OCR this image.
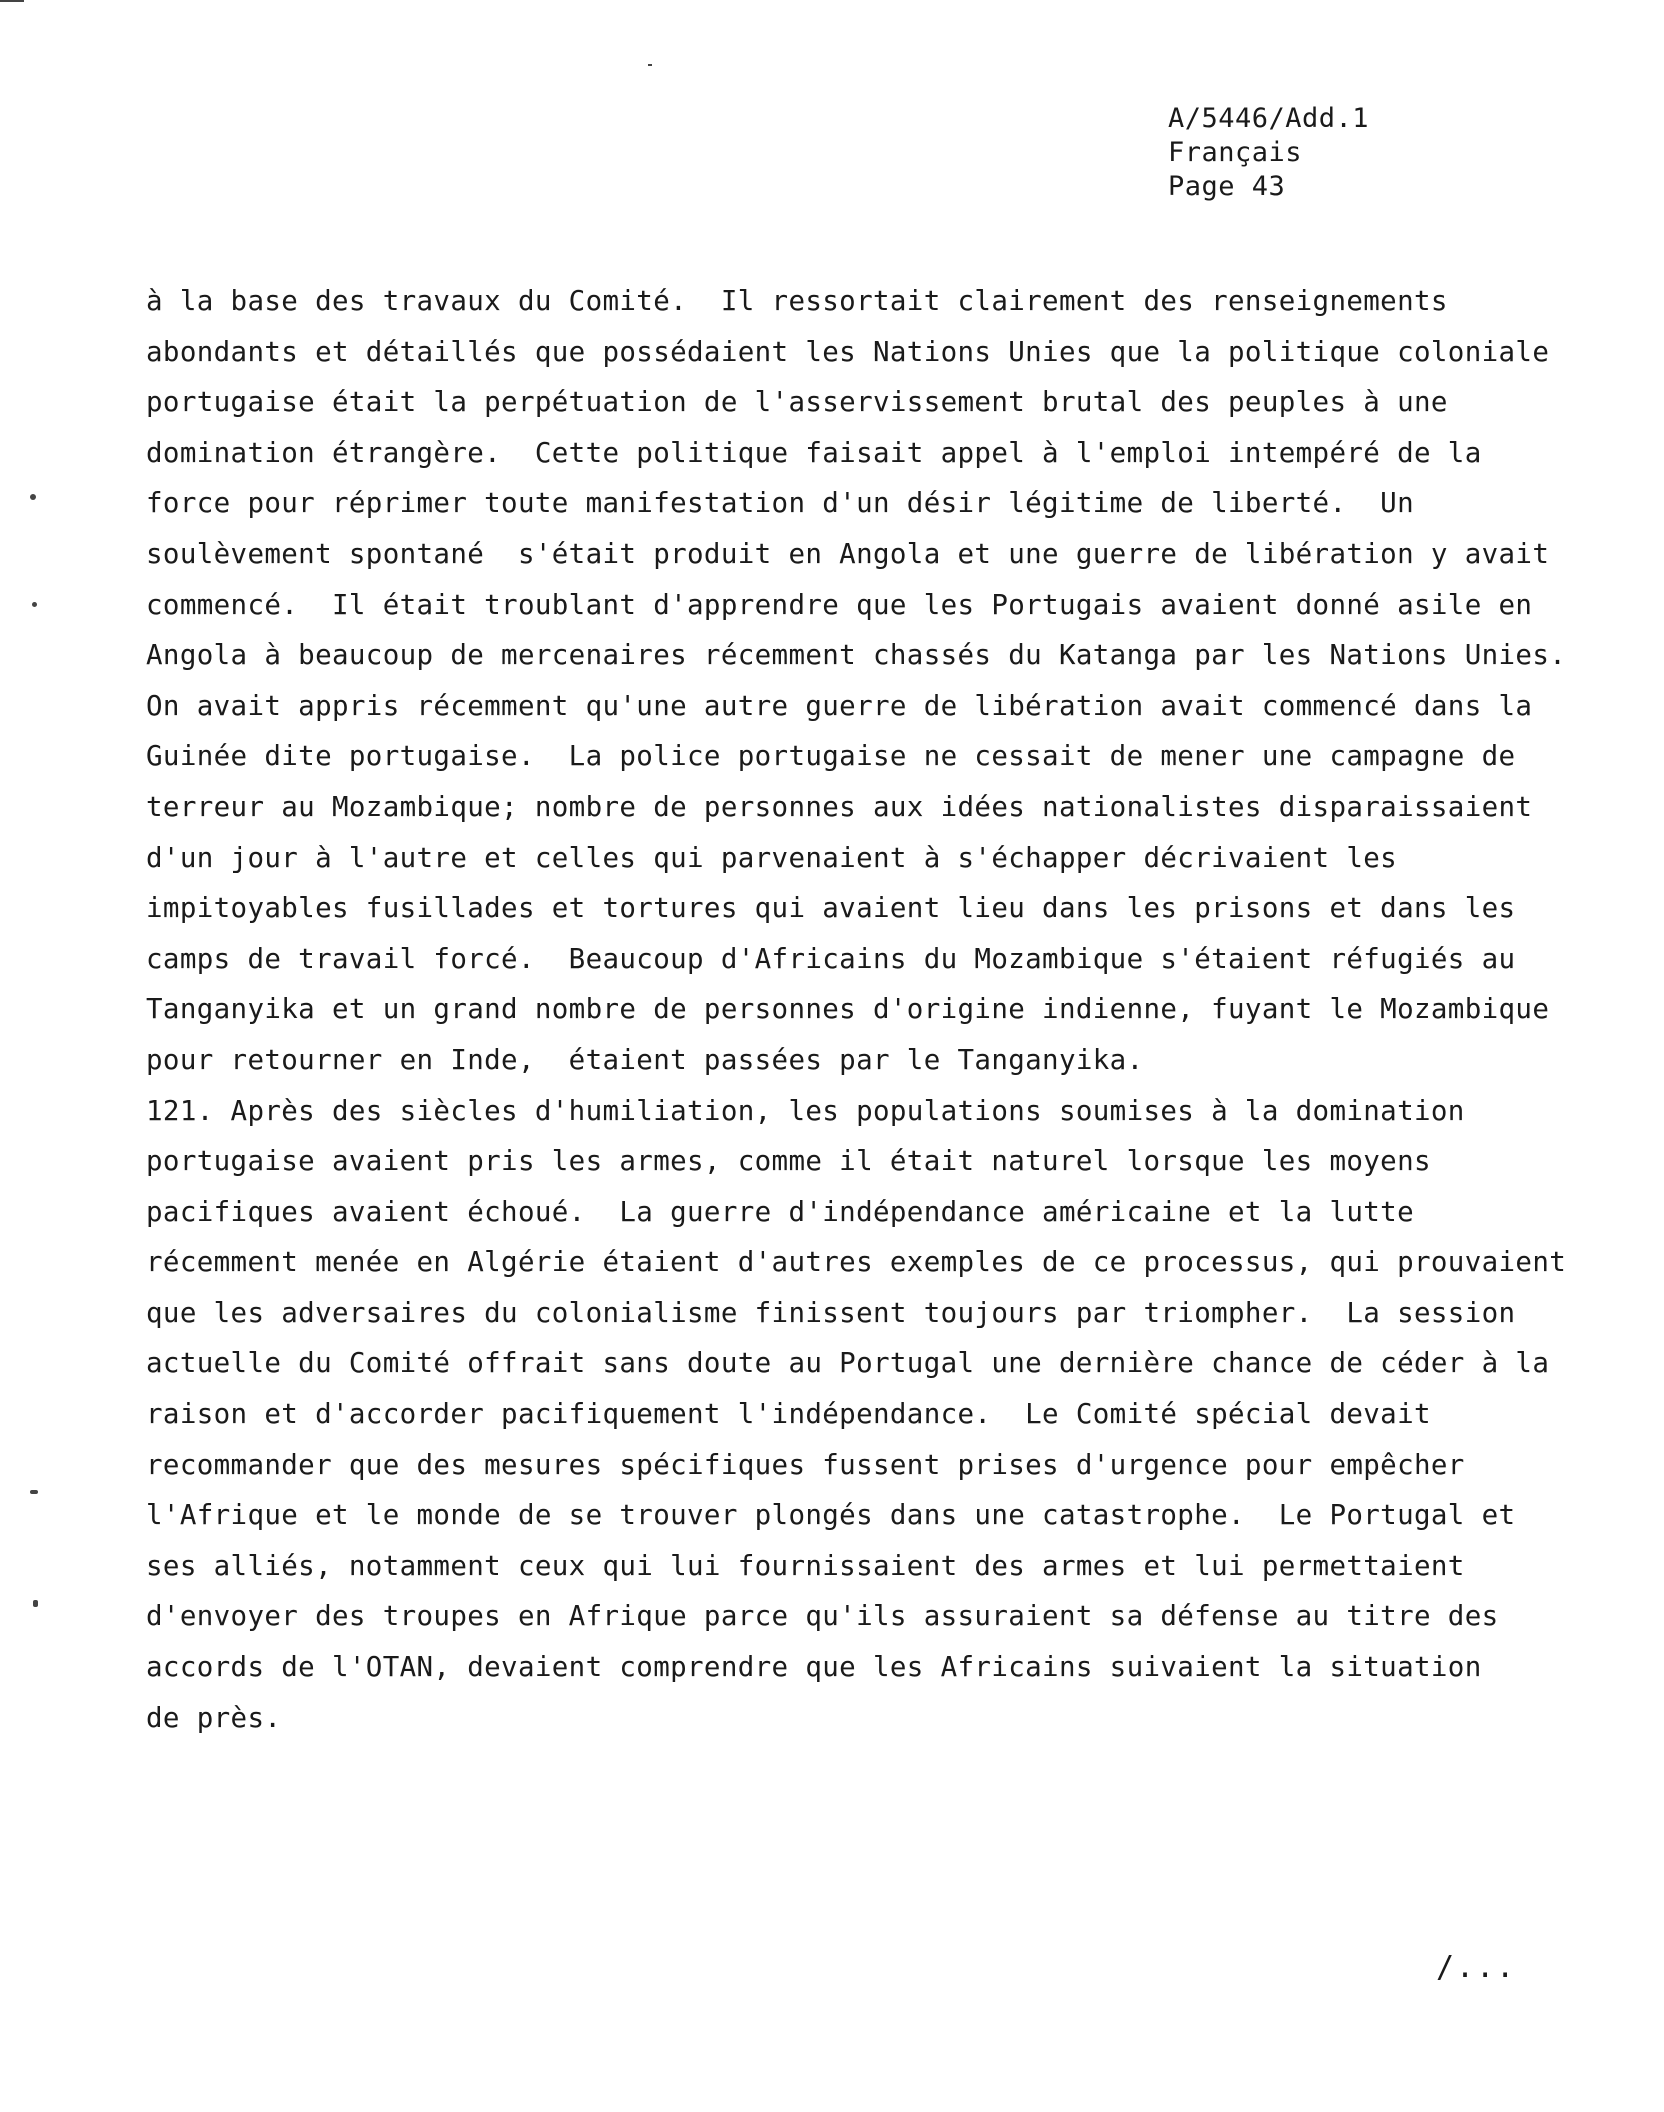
A/5446/Add.1
Français
Page 43
à la base des travaux du Comité.  Il ressortait clairement des renseignements
abondants et détaillés que possédaient les Nations Unies que la politique coloniale
portugaise était la perpétuation de l'asservissement brutal des peuples à une
domination étrangère.  Cette politique faisait appel à l'emploi intempéré de la
force pour réprimer toute manifestation d'un désir légitime de liberté.  Un
soulèvement spontané  s'était produit en Angola et une guerre de libération y avait
commencé.  Il était troublant d'apprendre que les Portugais avaient donné asile en
Angola à beaucoup de mercenaires récemment chassés du Katanga par les Nations Unies.
On avait appris récemment qu'une autre guerre de libération avait commencé dans la
Guinée dite portugaise.  La police portugaise ne cessait de mener une campagne de
terreur au Mozambique; nombre de personnes aux idées nationalistes disparaissaient
d'un jour à l'autre et celles qui parvenaient à s'échapper décrivaient les
impitoyables fusillades et tortures qui avaient lieu dans les prisons et dans les
camps de travail forcé.  Beaucoup d'Africains du Mozambique s'étaient réfugiés au
Tanganyika et un grand nombre de personnes d'origine indienne, fuyant le Mozambique
pour retourner en Inde,  étaient passées par le Tanganyika.
121. Après des siècles d'humiliation, les populations soumises à la domination
portugaise avaient pris les armes, comme il était naturel lorsque les moyens
pacifiques avaient échoué.  La guerre d'indépendance américaine et la lutte
récemment menée en Algérie étaient d'autres exemples de ce processus, qui prouvaient
que les adversaires du colonialisme finissent toujours par triompher.  La session
actuelle du Comité offrait sans doute au Portugal une dernière chance de céder à la
raison et d'accorder pacifiquement l'indépendance.  Le Comité spécial devait
recommander que des mesures spécifiques fussent prises d'urgence pour empêcher
l'Afrique et le monde de se trouver plongés dans une catastrophe.  Le Portugal et
ses alliés, notamment ceux qui lui fournissaient des armes et lui permettaient
d'envoyer des troupes en Afrique parce qu'ils assuraient sa défense au titre des
accords de l'OTAN, devaient comprendre que les Africains suivaient la situation
de près.
/...
